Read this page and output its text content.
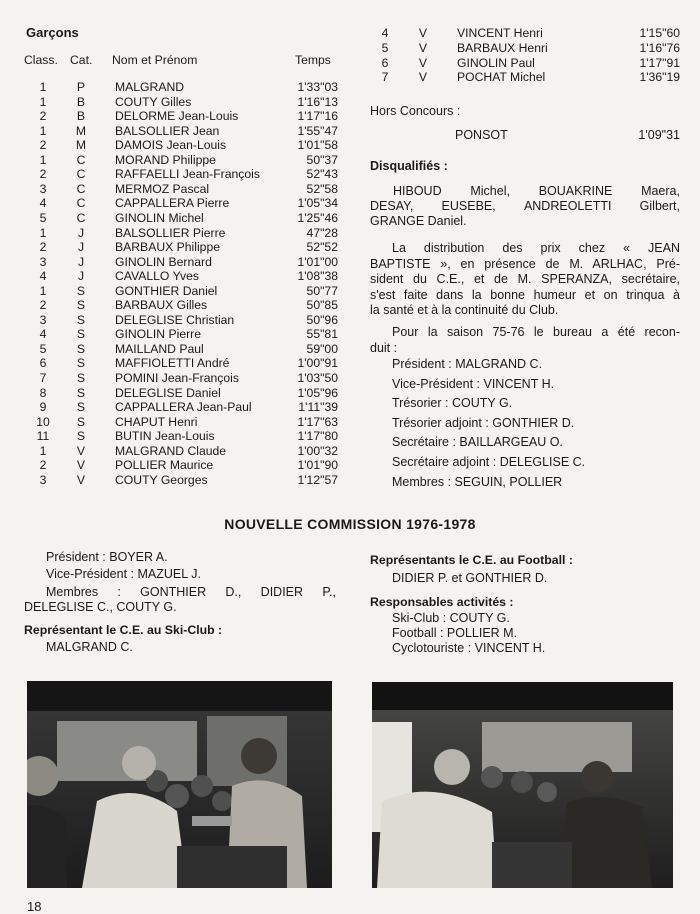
Garçons
Class. Cat. Nom et Prénom	Temps
1	P	MALGRAND	1'33"03
1	B	COUTY Gilles	1'16"13
2	B	DELORME Jean-Louis	1'17"16
1	M	BALSOLLIER Jean	1'55"47
2	M	DAMOIS Jean-Louis	1'01"58
1	C	MORAND Philippe	50"37
2	C	RAFFAELLI Jean-François	52"43
3	C	MERMOZ Pascal	52"58
4	C	CAPPALLERA Pierre	1'05"34
5	C	GINOLIN Michel	1'25"46
1	J	BALSOLLIER Pierre	47"28
2	J	BARBAUX Philippe	52"52
3	J	GINOLIN Bernard	1'01"00
4	J	CAVALLO Yves	1'08"38
1	S	GONTHIER Daniel	50"77
2	S	BARBAUX Gilles	50"85
3	S	DELEGLISE Christian	50"96
4	S	GINOLIN Pierre	55"81
5	S	MAILLAND Paul	59"00
6	S	MAFFIOLETTI André	1'00"91
7	S	POMINI Jean-François	1'03"50
8	S	DELEGLISE Daniel	1'05"96
9	S	CAPPALLERA Jean-Paul	1'11"39
10	S	CHAPUT Henri	1'17"63
11	S	BUTIN Jean-Louis	1'17"80
1	V	MALGRAND Claude	1'00"32
2	V	POLLIER Maurice	1'01"90
3	V	COUTY Georges	1'12"57
4	V	VINCENT Henri	1'15"60
5	V	BARBAUX Henri	1'16"76
6	V	GINOLIN Paul	1'17"91
7	V	POCHAT Michel	1'36"19
Hors Concours :
PONSOT	1'09"31
Disqualifiés :
HIBOUD Michel, BOUAKRINE Maera,
DESAY, EUSEBE, ANDREOLETTI Gilbert,
GRANGE Daniel.
La distribution des prix chez « JEAN
BAPTISTE », en présence de M. ARLHAC, Pré-
sident du C.E., et de M. SPERANZA, secrétaire,
s'est faite dans la bonne humeur et on trinqua à
la santé et à la continuité du Club.
Pour la saison 75-76 le bureau a été recon-
duit :
Président : MALGRAND C.
Vice-Président : VINCENT H.
Trésorier : COUTY G.
Trésorier adjoint : GONTHIER D.
Secrétaire : BAILLARGEAU O.
Secrétaire adjoint : DELEGLISE C.
Membres : SEGUIN, POLLIER
NOUVELLE COMMISSION 1976-1978
Président : BOYER A.
Vice-Président : MAZUEL J.
Membres : GONTHIER D., DIDIER P.,
DELEGLISE C., COUTY G.
Représentant le C.E. au Ski-Club :
MALGRAND C.
Représentants le C.E. au Football :
DIDIER P. et GONTHIER D.
Responsables activités :
Ski-Club : COUTY G.
Football : POLLIER M.
Cyclotouriste : VINCENT H.
18
